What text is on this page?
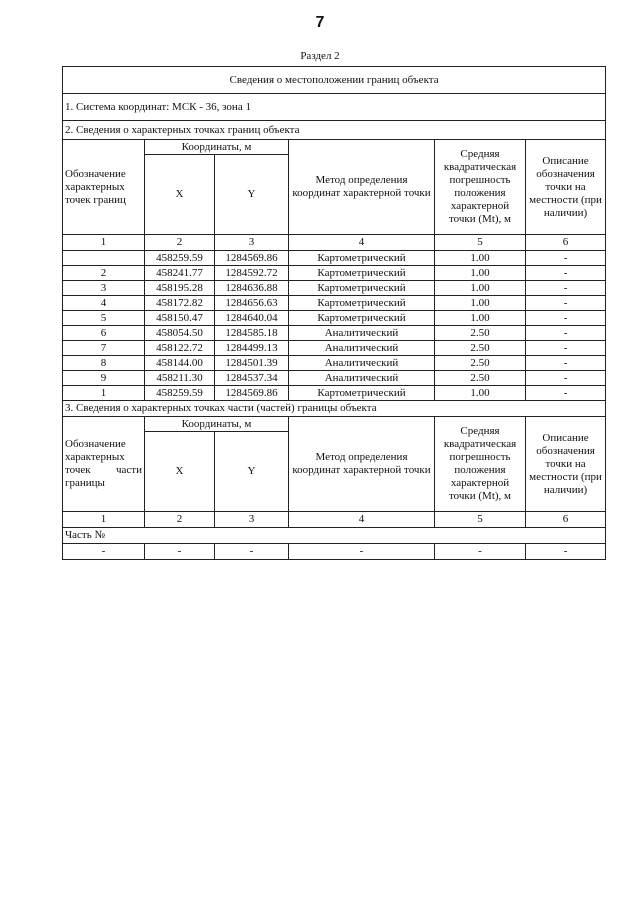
7
Раздел 2
Сведения о местоположении границ объекта					
1. Система координат: МСК - 36, зона 1					
2. Сведения о характерных точках границ объекта					
Обозначение характерных точек границ	Координаты, м		Метод определения координат характерной точки	Средняя квадратическая погрешность положения характерной точки (Mt), м	Описание обозначения точки на местности (при наличии)
	X	Y			
1	2	3	4	5	6
	458259.59	1284569.86	Картометрический	1.00	-
2	458241.77	1284592.72	Картометрический	1.00	-
3	458195.28	1284636.88	Картометрический	1.00	-
4	458172.82	1284656.63	Картометрический	1.00	-
5	458150.47	1284640.04	Картометрический	1.00	-
6	458054.50	1284585.18	Аналитический	2.50	-
7	458122.72	1284499.13	Аналитический	2.50	-
8	458144.00	1284501.39	Аналитический	2.50	-
9	458211.30	1284537.34	Аналитический	2.50	-
1	458259.59	1284569.86	Картометрический	1.00	-
3. Сведения о характерных точках части (частей) границы объекта					
Обозначение характерных точек части границы	Координаты, м		Метод определения координат характерной точки	Средняя квадратическая погрешность положения характерной точки (Mt), м	Описание обозначения точки на местности (при наличии)
	X	Y			
1	2	3	4	5	6
Часть №					
-	-	-	-	-	-
